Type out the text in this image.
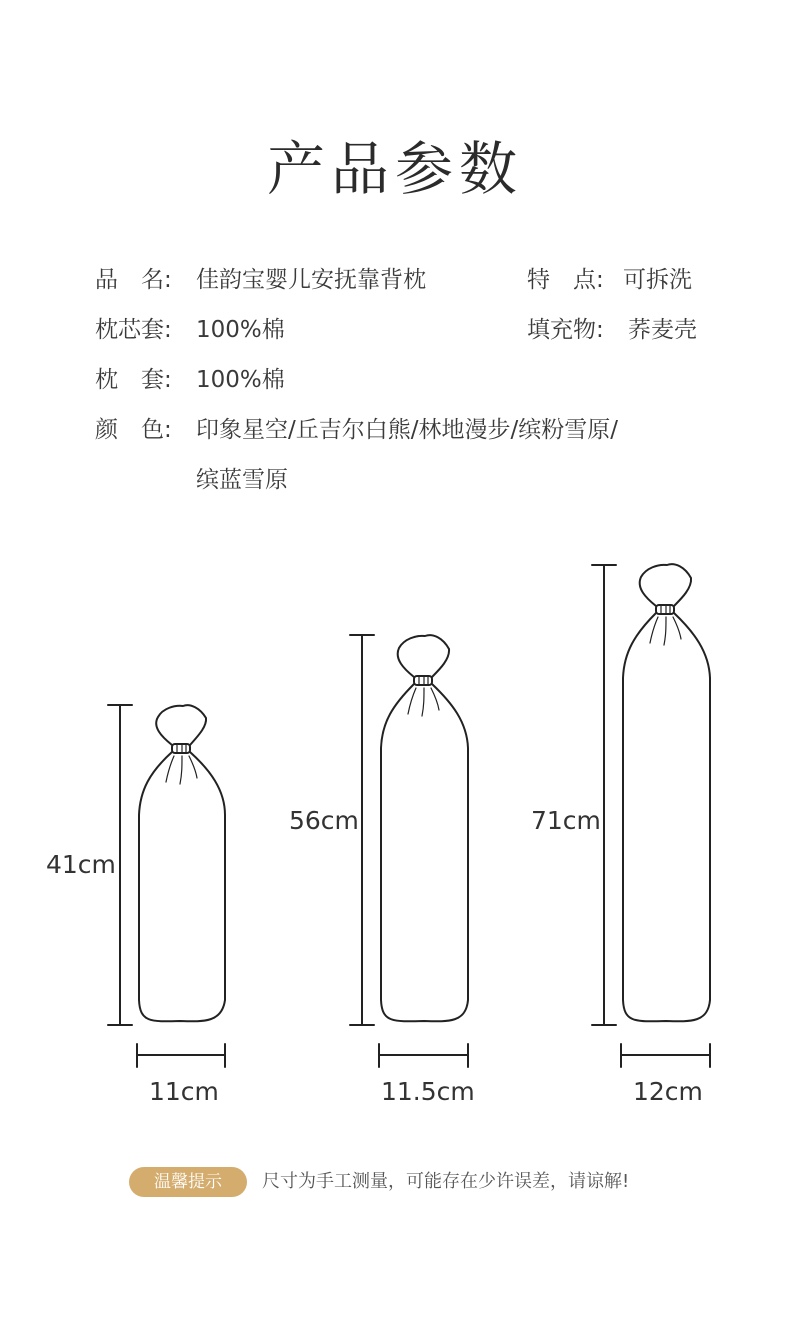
产品参数
品　名: 佳韵宝婴儿安抚靠背枕	特　点: 可拆洗
枕芯套: 100%棉	填充物: 荞麦壳
枕　套: 100%棉
颜　色: 印象星空/丘吉尔白熊/林地漫步/缤粉雪原/
缤蓝雪原
41cm
11cm
56cm
11.5cm
71cm
12cm
温馨提示	尺寸为手工测量，可能存在少许误差，请谅解!
